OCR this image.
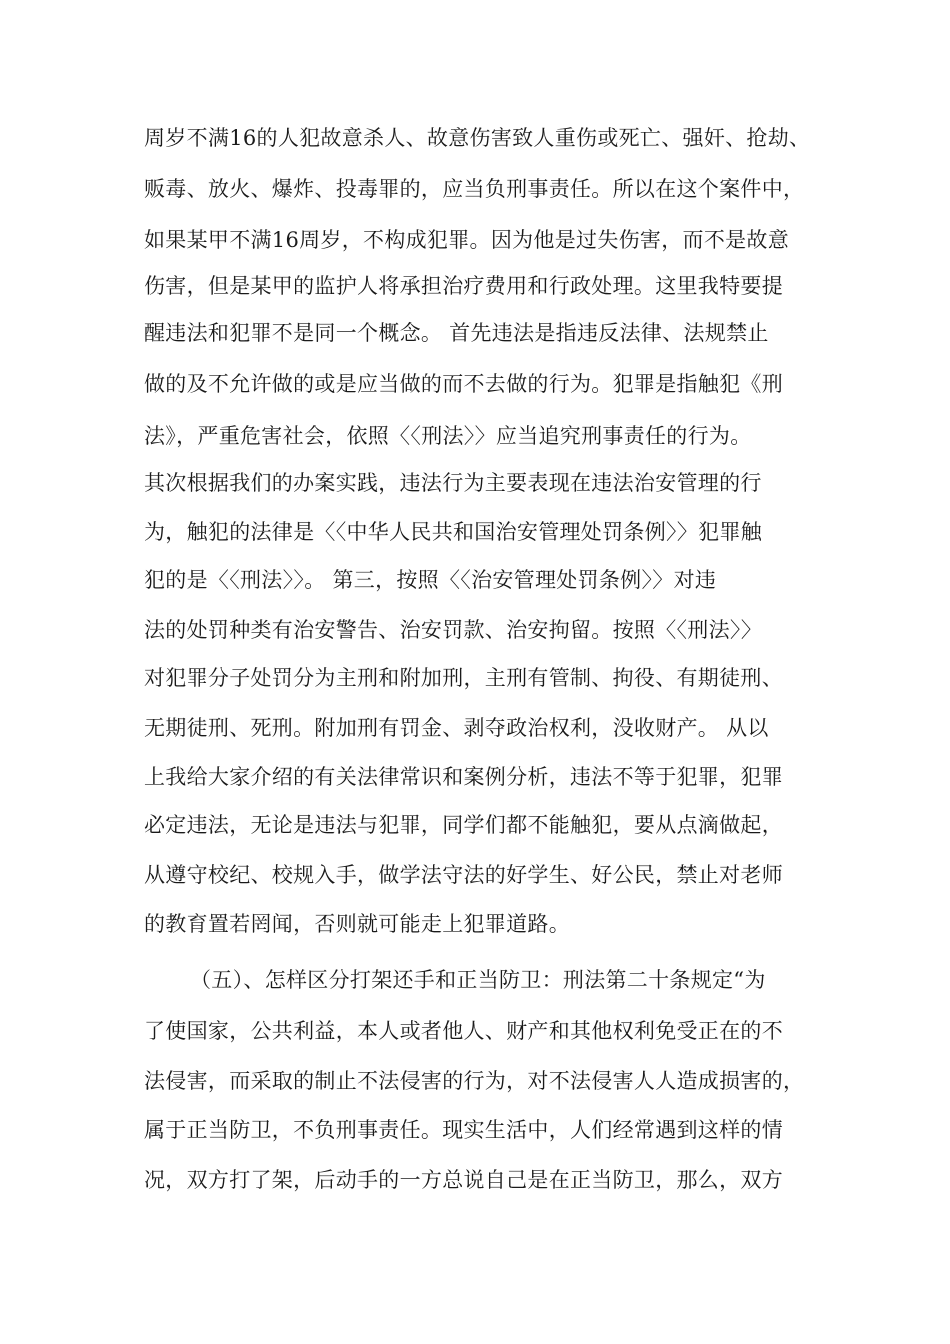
周岁不满16的人犯故意杀人、故意伤害致人重伤或死亡、强奸、抢劫、
贩毒、放火、爆炸、投毒罪的，应当负刑事责任。所以在这个案件中，
如果某甲不满16周岁，不构成犯罪。因为他是过失伤害，而不是故意
伤害，但是某甲的监护人将承担治疗费用和行政处理。这里我特要提
醒违法和犯罪不是同一个概念。 首先违法是指违反法律、法规禁止
做的及不允许做的或是应当做的而不去做的行为。犯罪是指触犯《刑
法》，严重危害社会，依照〈〈刑法〉〉应当追究刑事责任的行为。
其次根据我们的办案实践，违法行为主要表现在违法治安管理的行
为，触犯的法律是〈〈中华人民共和国治安管理处罚条例〉〉犯罪触
犯的是〈〈刑法〉〉。 第三，按照〈〈治安管理处罚条例〉〉对违
法的处罚种类有治安警告、治安罚款、治安拘留。按照〈〈刑法〉〉
对犯罪分子处罚分为主刑和附加刑，主刑有管制、拘役、有期徒刑、
无期徒刑、死刑。附加刑有罚金、剥夺政治权利，没收财产。 从以
上我给大家介绍的有关法律常识和案例分析，违法不等于犯罪，犯罪
必定违法，无论是违法与犯罪，同学们都不能触犯，要从点滴做起，
从遵守校纪、校规入手，做学法守法的好学生、好公民，禁止对老师
的教育置若罔闻，否则就可能走上犯罪道路。
（五）、怎样区分打架还手和正当防卫：刑法第二十条规定“为
了使国家，公共利益，本人或者他人、财产和其他权利免受正在的不
法侵害，而采取的制止不法侵害的行为，对不法侵害人人造成损害的，
属于正当防卫，不负刑事责任。现实生活中，人们经常遇到这样的情
况，双方打了架，后动手的一方总说自己是在正当防卫，那么，双方
